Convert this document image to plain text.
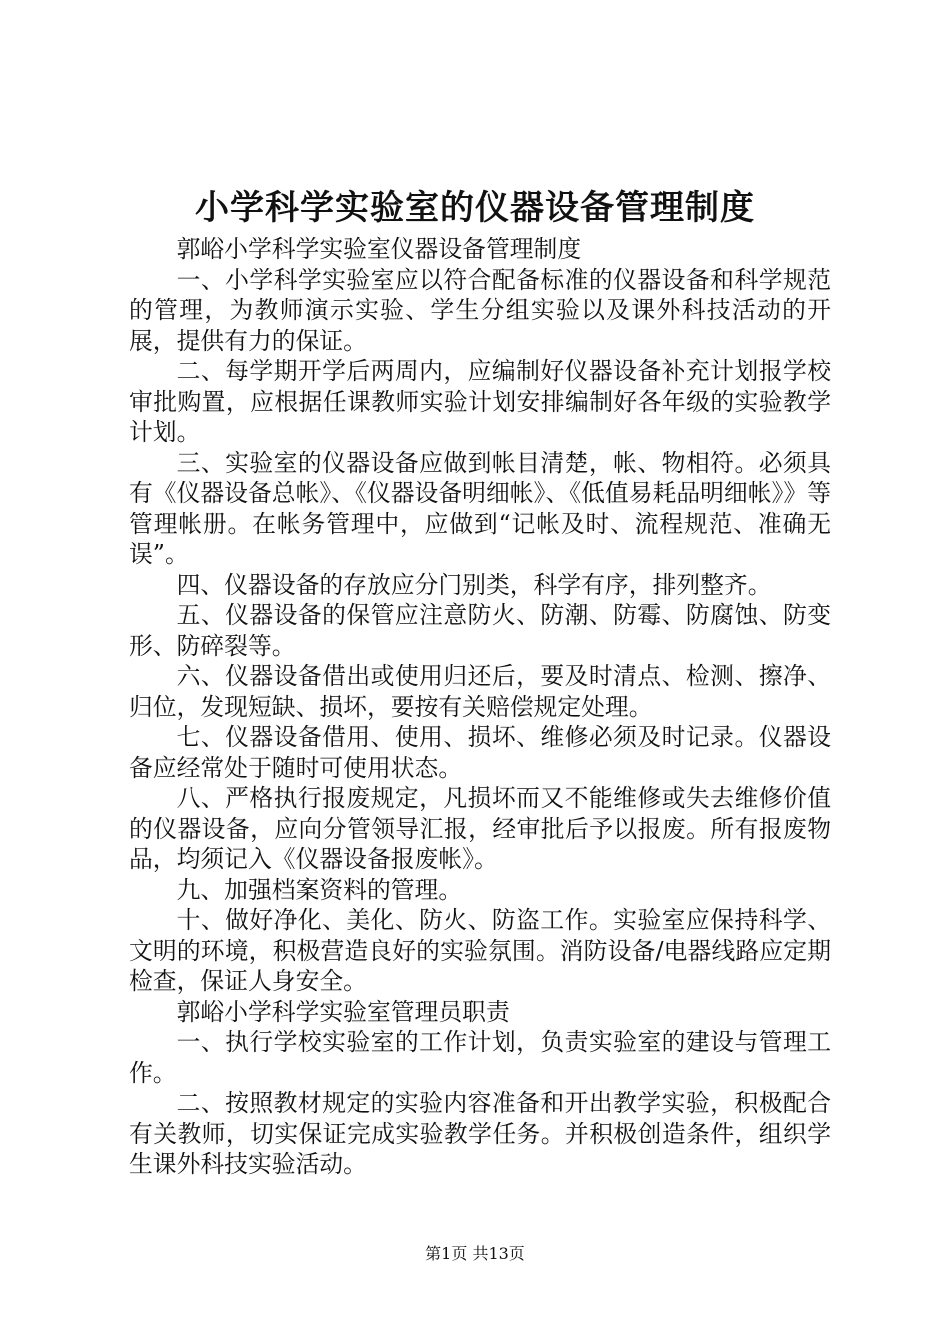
小学科学实验室的仪器设备管理制度

郭峪小学科学实验室仪器设备管理制度

一、小学科学实验室应以符合配备标准的仪器设备和科学规范的管理，为教师演示实验、学生分组实验以及课外科技活动的开展，提供有力的保证。

二、每学期开学后两周内，应编制好仪器设备补充计划报学校审批购置，应根据任课教师实验计划安排编制好各年级的实验教学计划。

三、实验室的仪器设备应做到帐目清楚，帐、物相符。必须具有《仪器设备总帐》、《仪器设备明细帐》、《低值易耗品明细帐》》等管理帐册。在帐务管理中，应做到“记帐及时、流程规范、准确无误”。

四、仪器设备的存放应分门别类，科学有序，排列整齐。

五、仪器设备的保管应注意防火、防潮、防霉、防腐蚀、防变形、防碎裂等。

六、仪器设备借出或使用归还后，要及时清点、检测、擦净、归位，发现短缺、损坏，要按有关赔偿规定处理。

七、仪器设备借用、使用、损坏、维修必须及时记录。仪器设备应经常处于随时可使用状态。

八、严格执行报废规定，凡损坏而又不能维修或失去维修价值的仪器设备，应向分管领导汇报，经审批后予以报废。所有报废物品，均须记入《仪器设备报废帐》。

九、加强档案资料的管理。

十、做好净化、美化、防火、防盗工作。实验室应保持科学、文明的环境，积极营造良好的实验氛围。消防设备/电器线路应定期检查，保证人身安全。

郭峪小学科学实验室管理员职责

一、执行学校实验室的工作计划，负责实验室的建设与管理工作。

二、按照教材规定的实验内容准备和开出教学实验，积极配合有关教师，切实保证完成实验教学任务。并积极创造条件，组织学生课外科技实验活动。

第1页 共13页
